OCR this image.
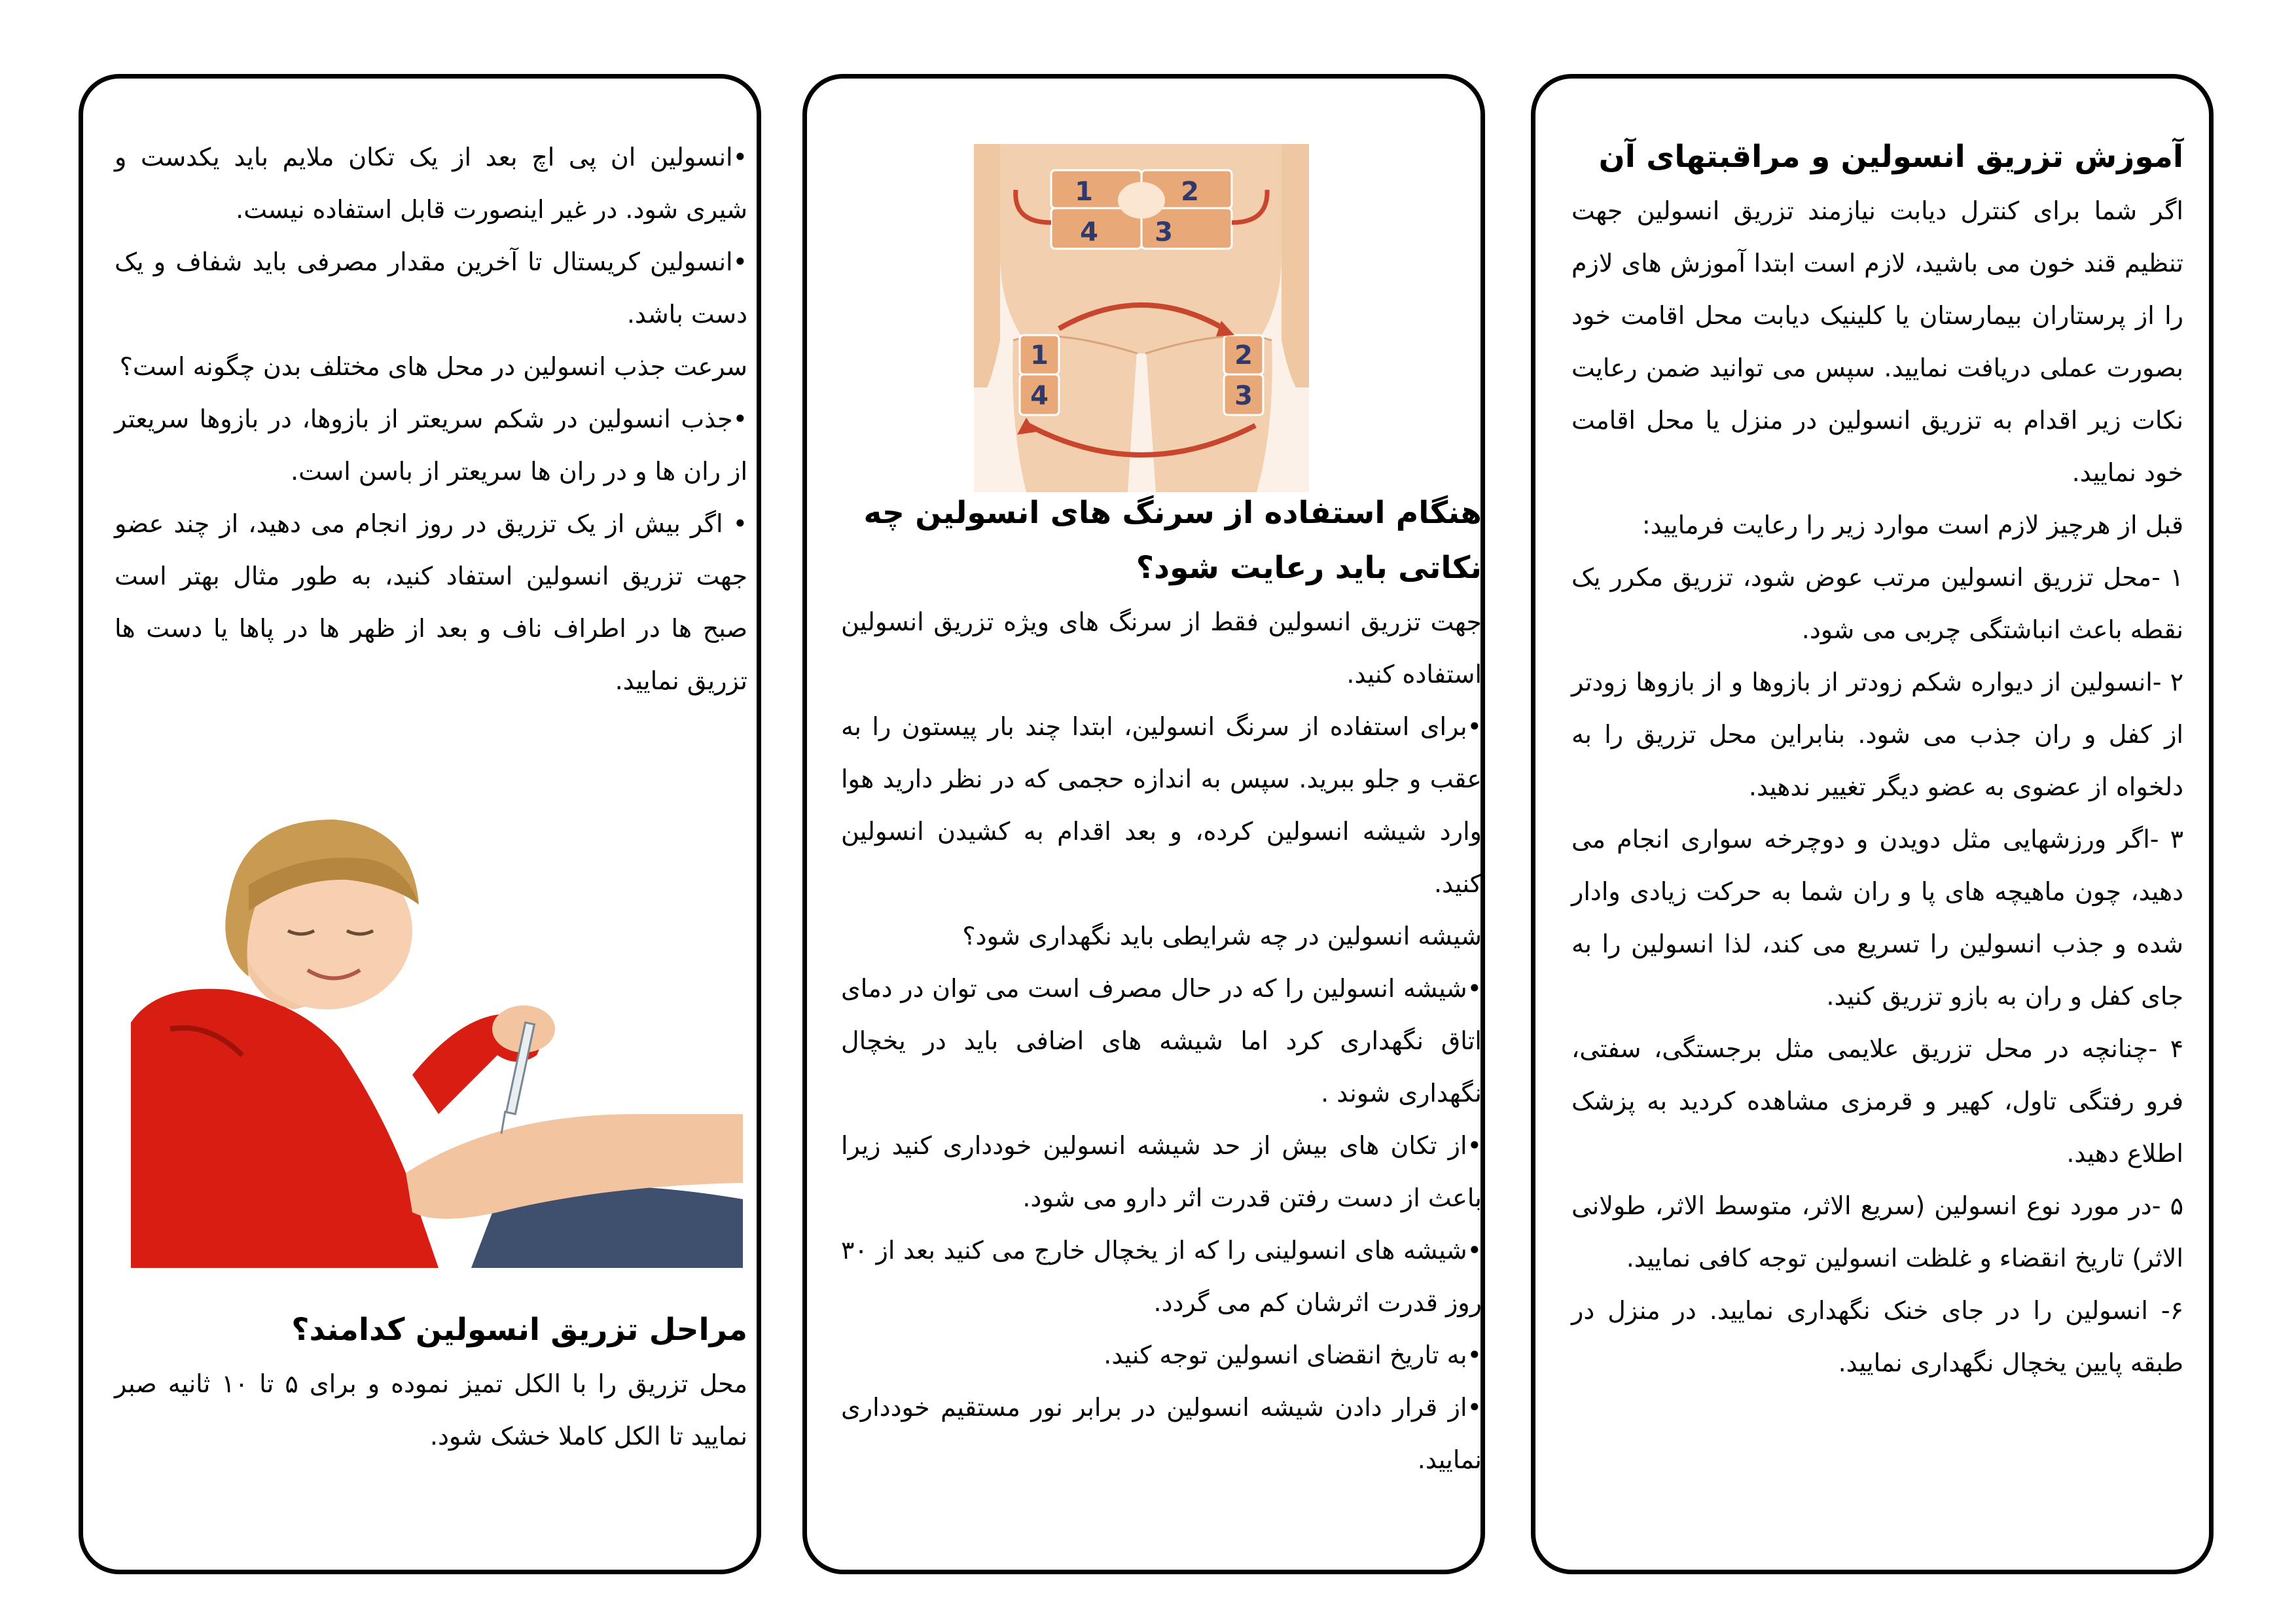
آموزش تزریق انسولین و مراقبتهای آن

اگر شما برای کنترل دیابت نیازمند تزریق انسولین جهت تنظیم قند خون می باشید، لازم است ابتدا آموزش های لازم را از پرستاران بیمارستان یا کلینیک دیابت محل اقامت خود بصورت عملی دریافت نمایید. سپس می توانید ضمن رعایت نکات زیر اقدام به تزریق انسولین در منزل یا محل اقامت خود نمایید.

قبل از هرچیز لازم است موارد زیر را رعایت فرمایید:

۱ -محل تزریق انسولین مرتب عوض شود، تزریق مکرر یک نقطه باعث انباشتگی چربی می شود.

۲ -انسولین از دیواره شکم زودتر از بازوها و از بازوها زودتر از کفل و ران جذب می شود. بنابراین محل تزریق را به دلخواه از عضوی به عضو دیگر تغییر ندهید.

۳ -اگر ورزشهایی مثل دویدن و دوچرخه سواری انجام می دهید، چون ماهیچه های پا و ران شما به حرکت زیادی وادار شده و جذب انسولین را تسریع می کند، لذا انسولین را به جای کفل و ران به بازو تزریق کنید.

۴ -چنانچه در محل تزریق علایمی مثل برجستگی، سفتی، فرو رفتگی تاول، کهیر و قرمزی مشاهده کردید به پزشک اطلاع دهید.

۵ -در مورد نوع انسولین (سریع الاثر، متوسط الاثر، طولانی الاثر) تاریخ انقضاء و غلظت انسولین توجه کافی نمایید.

۶- انسولین را در جای خنک نگهداری نمایید. در منزل در طبقه پایین یخچال نگهداری نمایید.

1	2
4 3
1	2
4	3

هنگام استفاده از سرنگ های انسولین چه نکاتی باید رعایت شود؟

جهت تزریق انسولین فقط از سرنگ های ویژه تزریق انسولین استفاده کنید.

•برای استفاده از سرنگ انسولین، ابتدا چند بار پیستون را به عقب و جلو ببرید. سپس به اندازه حجمی که در نظر دارید هوا وارد شیشه انسولین کرده، و بعد اقدام به کشیدن انسولین کنید.

شیشه انسولین در چه شرایطی باید نگهداری شود؟

•شیشه انسولین را که در حال مصرف است می توان در دمای اتاق نگهداری کرد اما شیشه های اضافی باید در یخچال نگهداری شوند .

•از تکان های بیش از حد شیشه انسولین خودداری کنید زیرا باعث از دست رفتن قدرت اثر دارو می شود.

•شیشه های انسولینی را که از یخچال خارج می کنید بعد از ۳۰ روز قدرت اثرشان کم می گردد.

•به تاریخ انقضای انسولین توجه کنید.

•از قرار دادن شیشه انسولین در برابر نور مستقیم خودداری نمایید.

•انسولین ان پی اچ بعد از یک تکان ملایم باید یکدست و شیری شود. در غیر اینصورت قابل استفاده نیست.

•انسولین کریستال تا آخرین مقدار مصرفی باید شفاف و یک دست باشد.

سرعت جذب انسولین در محل های مختلف بدن چگونه است؟

•جذب انسولین در شکم سریعتر از بازوها، در بازوها سریعتر از ران ها و در ران ها سریعتر از باسن است.

• اگر بیش از یک تزریق در روز انجام می دهید، از چند عضو جهت تزریق انسولین استفاد کنید، به طور مثال بهتر است صبح ها در اطراف ناف و بعد از ظهر ها در پاها یا دست ها تزریق نمایید.

مراحل تزریق انسولین کدامند؟

محل تزریق را با الکل تمیز نموده و برای ۵ تا ۱۰ ثانیه صبر نمایید تا الکل کاملا خشک شود.
